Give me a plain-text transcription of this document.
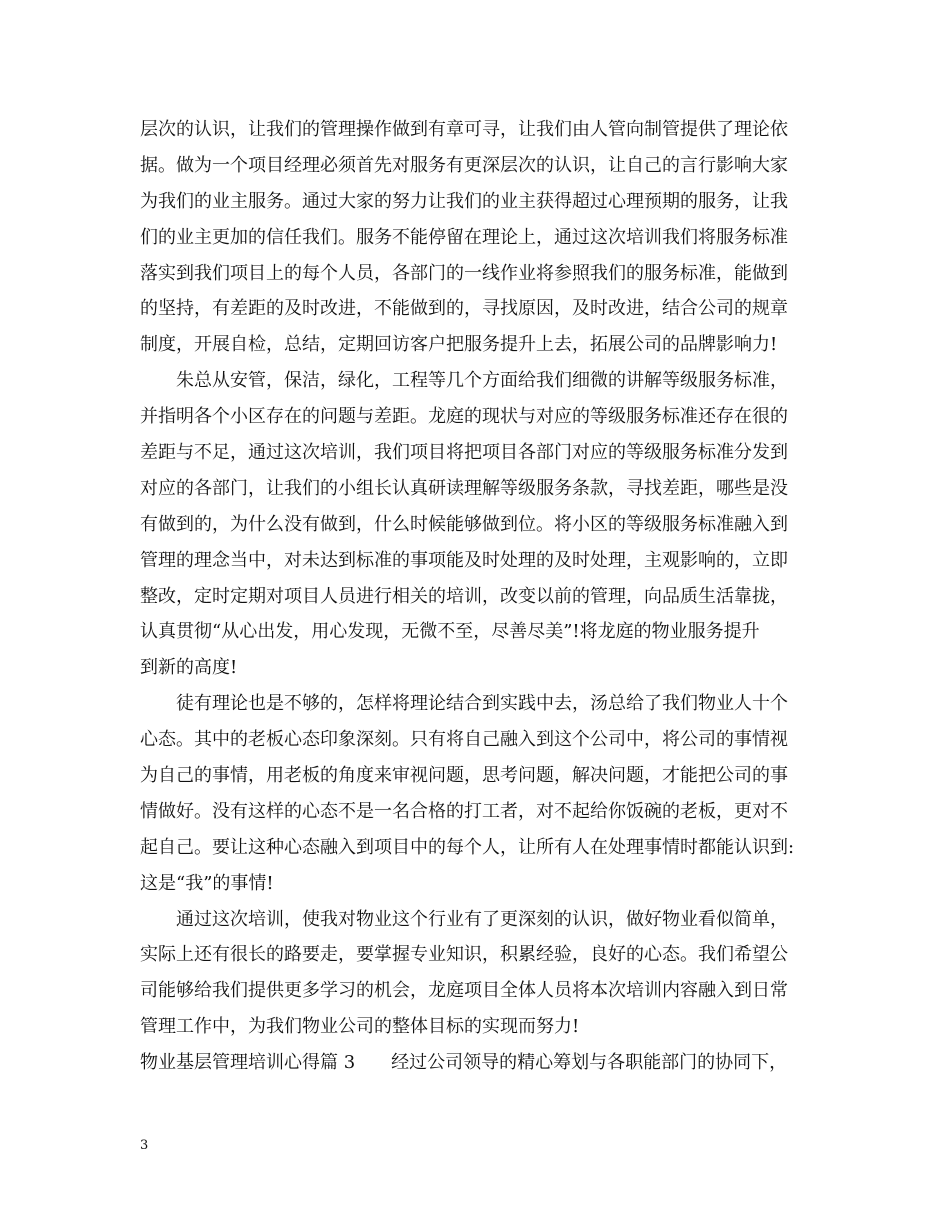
层次的认识，让我们的管理操作做到有章可寻，让我们由人管向制管提供了理论依
据。做为一个项目经理必须首先对服务有更深层次的认识，让自己的言行影响大家
为我们的业主服务。通过大家的努力让我们的业主获得超过心理预期的服务，让我
们的业主更加的信任我们。服务不能停留在理论上，通过这次培训我们将服务标准
落实到我们项目上的每个人员，各部门的一线作业将参照我们的服务标准，能做到
的坚持，有差距的及时改进，不能做到的，寻找原因，及时改进，结合公司的规章
制度，开展自检，总结，定期回访客户把服务提升上去，拓展公司的品牌影响力!
朱总从安管，保洁，绿化，工程等几个方面给我们细微的讲解等级服务标准，
并指明各个小区存在的问题与差距。龙庭的现状与对应的等级服务标准还存在很的
差距与不足，通过这次培训，我们项目将把项目各部门对应的等级服务标准分发到
对应的各部门，让我们的小组长认真研读理解等级服务条款，寻找差距，哪些是没
有做到的，为什么没有做到，什么时候能够做到位。将小区的等级服务标准融入到
管理的理念当中，对未达到标准的事项能及时处理的及时处理，主观影响的，立即
整改，定时定期对项目人员进行相关的培训，改变以前的管理，向品质生活靠拢，
认真贯彻“从心出发，用心发现，无微不至，尽善尽美”!将龙庭的物业服务提升
到新的高度!
徒有理论也是不够的，怎样将理论结合到实践中去，汤总给了我们物业人十个
心态。其中的老板心态印象深刻。只有将自己融入到这个公司中，将公司的事情视
为自己的事情，用老板的角度来审视问题，思考问题，解决问题，才能把公司的事
情做好。没有这样的心态不是一名合格的打工者，对不起给你饭碗的老板，更对不
起自己。要让这种心态融入到项目中的每个人，让所有人在处理事情时都能认识到:
这是“我”的事情!
通过这次培训，使我对物业这个行业有了更深刻的认识，做好物业看似简单，
实际上还有很长的路要走，要掌握专业知识，积累经验，良好的心态。我们希望公
司能够给我们提供更多学习的机会，龙庭项目全体人员将本次培训内容融入到日常
管理工作中，为我们物业公司的整体目标的实现而努力!
物业基层管理培训心得篇 3　　经过公司领导的精心筹划与各职能部门的协同下，
3
